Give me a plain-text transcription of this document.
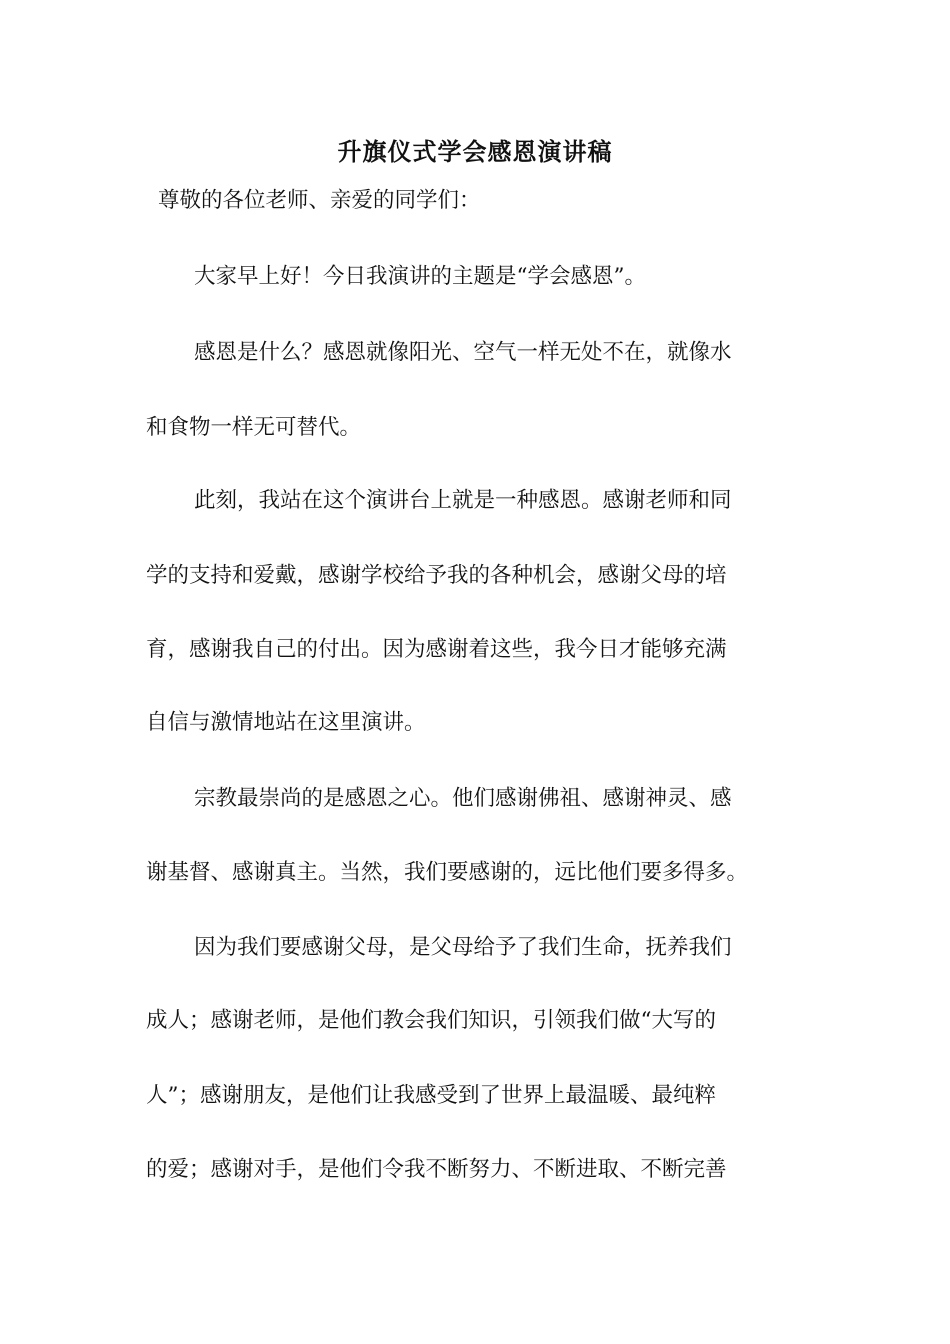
升旗仪式学会感恩演讲稿
尊敬的各位老师、亲爱的同学们：
大家早上好！今日我演讲的主题是“学会感恩”。
感恩是什么？感恩就像阳光、空气一样无处不在，就像水
和食物一样无可替代。
此刻，我站在这个演讲台上就是一种感恩。感谢老师和同
学的支持和爱戴，感谢学校给予我的各种机会，感谢父母的培
育，感谢我自己的付出。因为感谢着这些，我今日才能够充满
自信与激情地站在这里演讲。
宗教最崇尚的是感恩之心。他们感谢佛祖、感谢神灵、感
谢基督、感谢真主。当然，我们要感谢的，远比他们要多得多。
因为我们要感谢父母，是父母给予了我们生命，抚养我们
成人；感谢老师，是他们教会我们知识，引领我们做“大写的
人”；感谢朋友，是他们让我感受到了世界上最温暖、最纯粹
的爱；感谢对手，是他们令我不断努力、不断进取、不断完善
